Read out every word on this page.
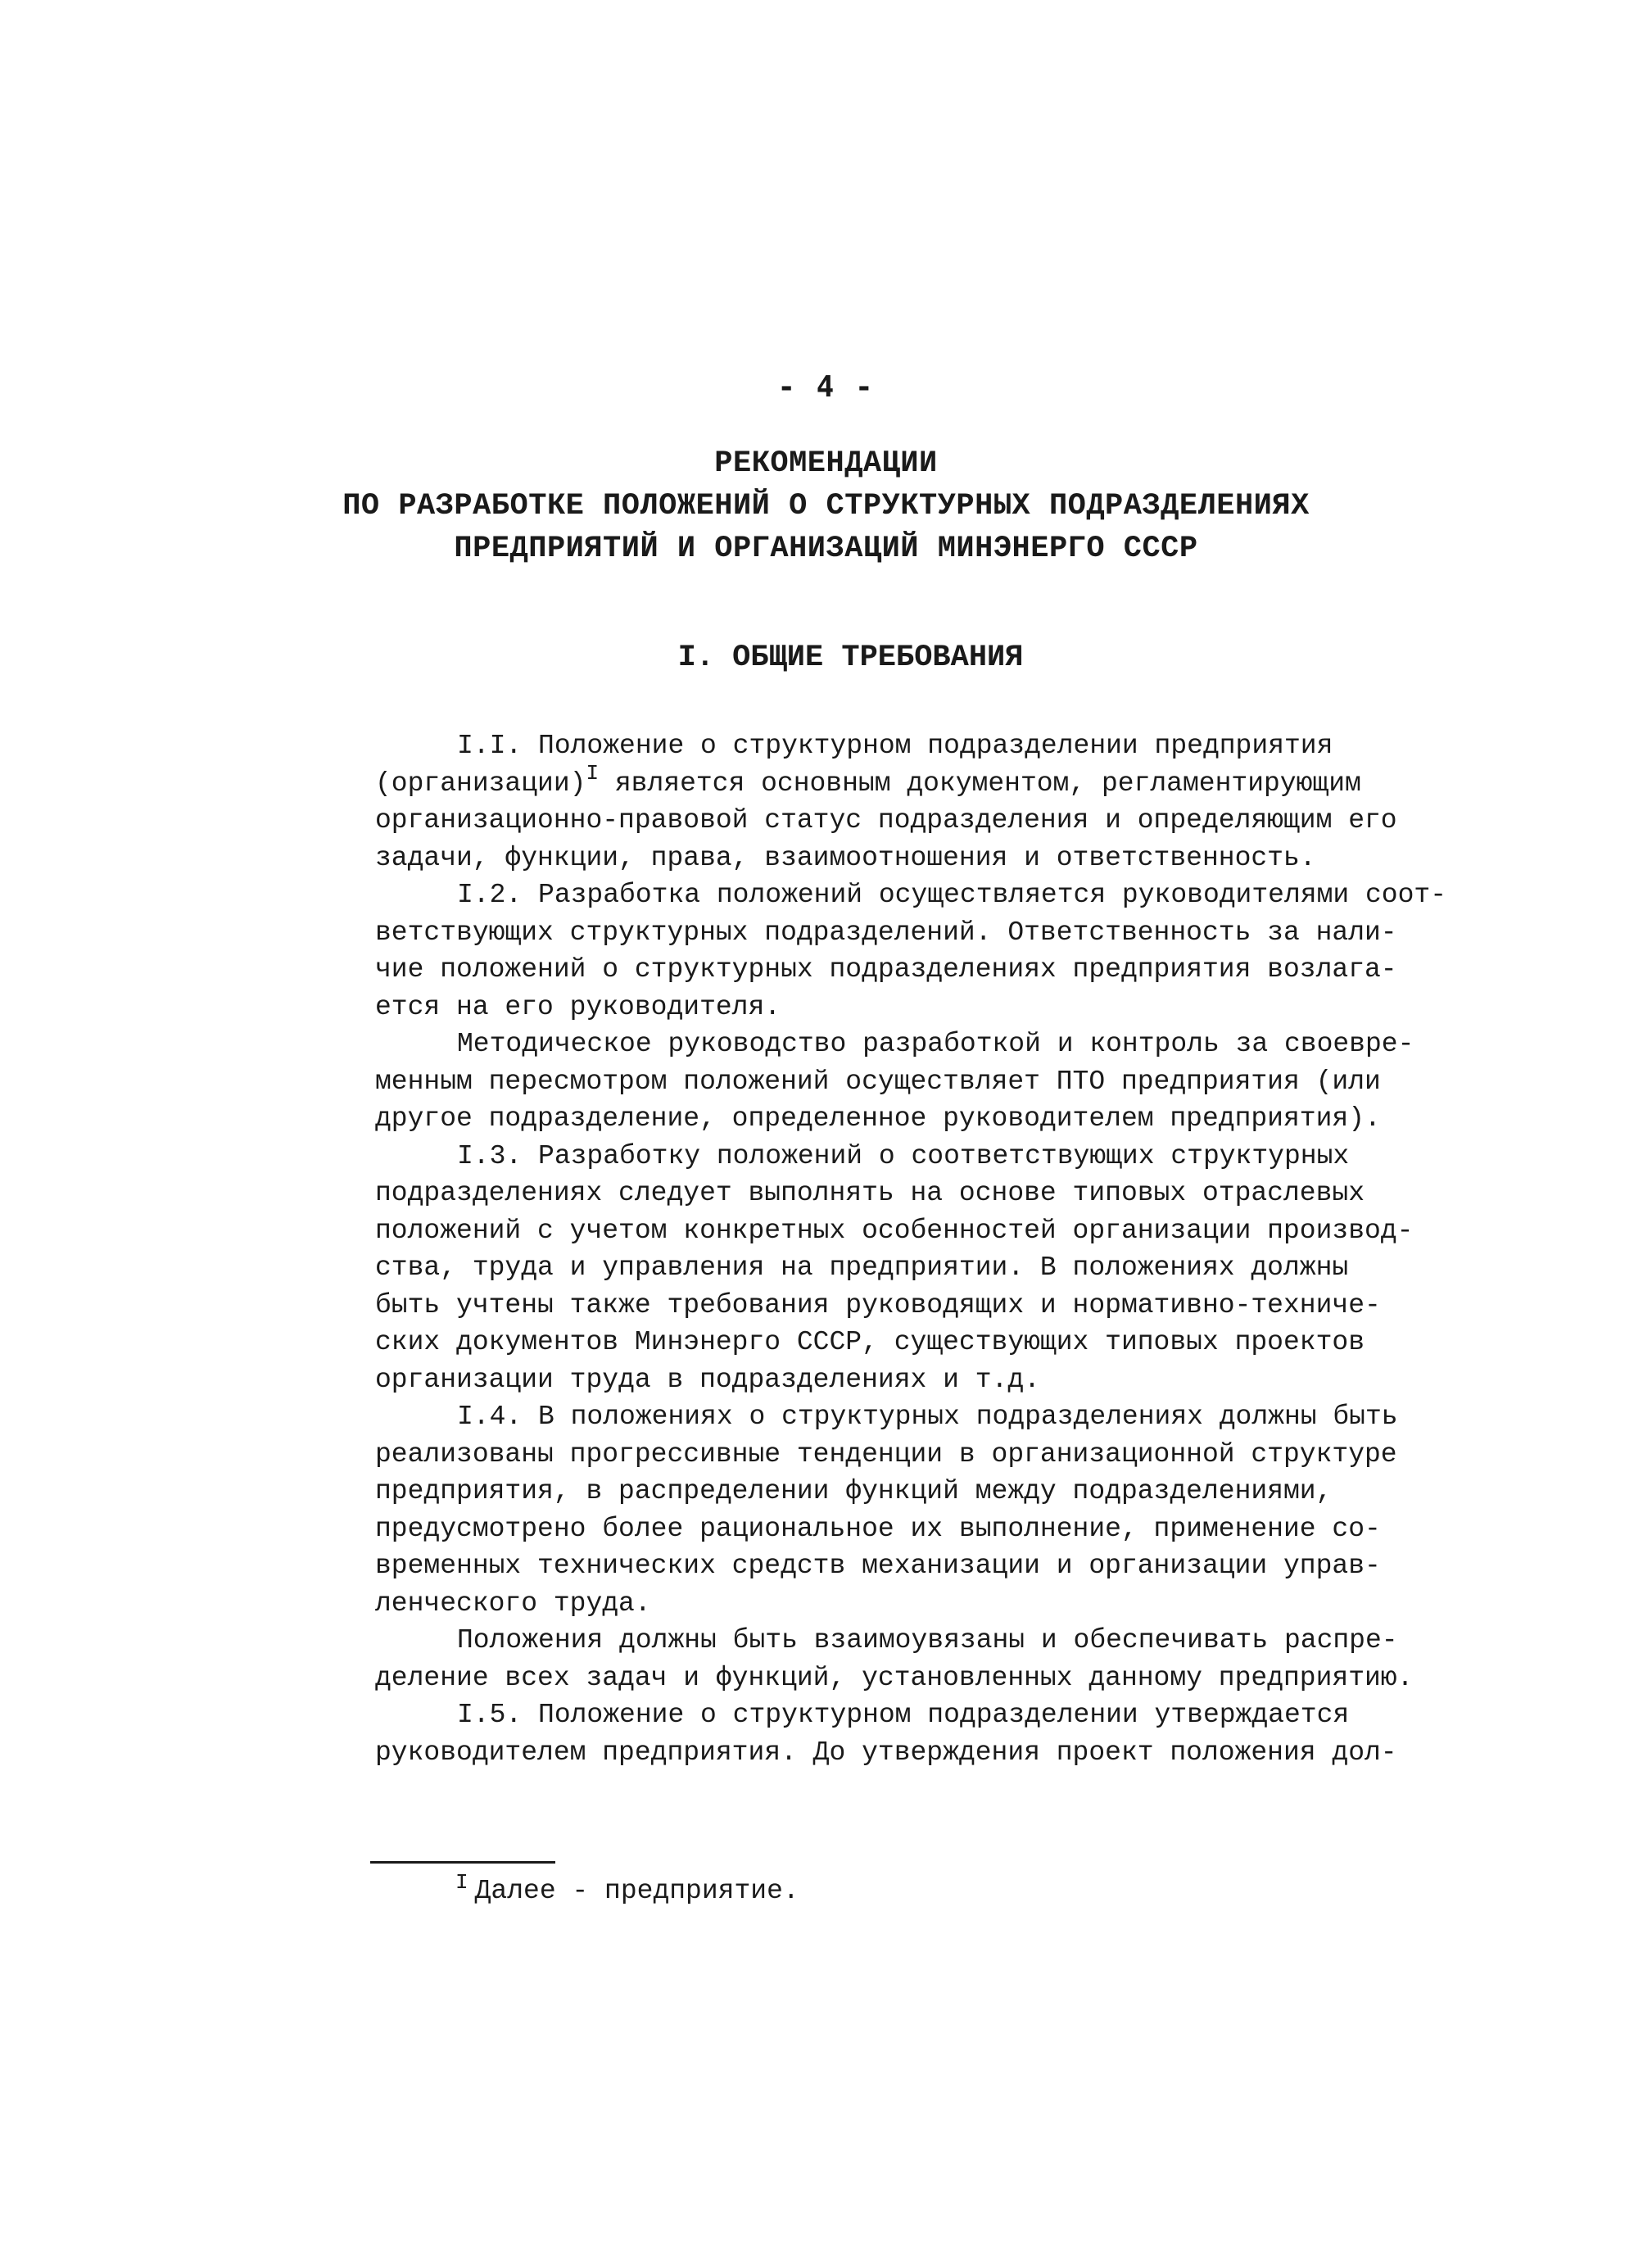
- 4 -
РЕКОМЕНДАЦИИ
ПО РАЗРАБОТКЕ ПОЛОЖЕНИЙ О СТРУКТУРНЫХ ПОДРАЗДЕЛЕНИЯХ
ПРЕДПРИЯТИЙ И ОРГАНИЗАЦИЙ МИНЭНЕРГО СССР
I. ОБЩИЕ ТРЕБОВАНИЯ
I.I. Положение о структурном подразделении предприятия
(организации)$^I$ является основным документом, регламентирующим
организационно-правовой статус подразделения и определяющим его
задачи, функции, права, взаимоотношения и ответственность.
I.2. Разработка положений осуществляется руководителями соот-
ветствующих структурных подразделений. Ответственность за нали-
чие положений о структурных подразделениях предприятия возлага-
ется на его руководителя.
Методическое руководство разработкой и контроль за своевре-
менным пересмотром положений осуществляет ПТО предприятия (или
другое подразделение, определенное руководителем предприятия).
I.3. Разработку положений о соответствующих структурных
подразделениях следует выполнять на основе типовых отраслевых
положений с учетом конкретных особенностей организации производ-
ства, труда и управления на предприятии. В положениях должны
быть учтены также требования руководящих и нормативно-техниче-
ских документов Минэнерго СССР, существующих типовых проектов
организации труда в подразделениях и т.д.
I.4. В положениях о структурных подразделениях должны быть
реализованы прогрессивные тенденции в организационной структуре
предприятия, в распределении функций между подразделениями,
предусмотрено более рациональное их выполнение, применение со-
временных технических средств механизации и организации управ-
ленческого труда.
Положения должны быть взаимоувязаны и обеспечивать распре-
деление всех задач и функций, установленных данному предприятию.
I.5. Положение о структурном подразделении утверждается
руководителем предприятия. До утверждения проект положения дол-
$^I$ Далее - предприятие.
